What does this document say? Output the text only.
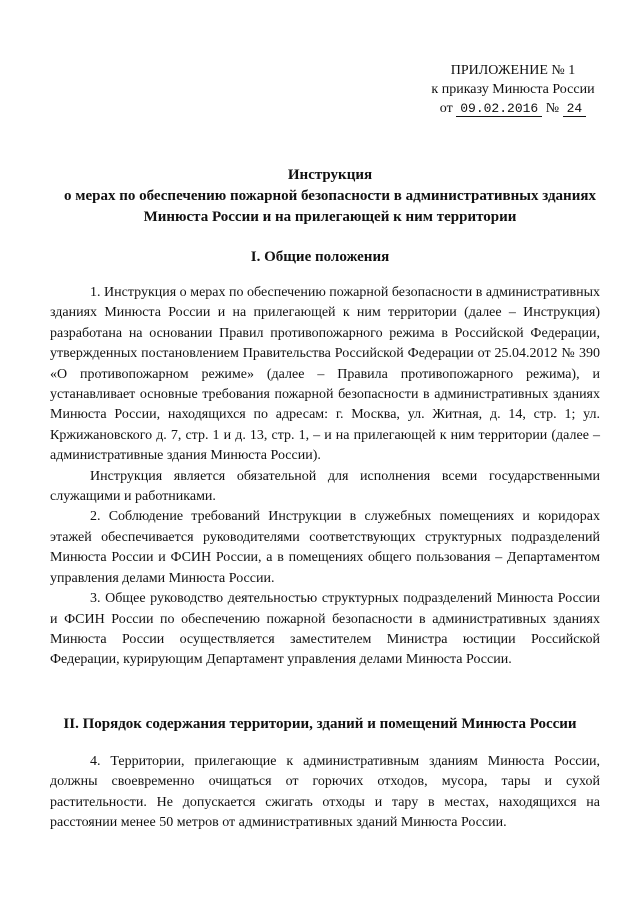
ПРИЛОЖЕНИЕ № 1
к приказу Минюста России
от 09.02.2016 № 24
Инструкция
о мерах по обеспечению пожарной безопасности в административных зданиях
Минюста России и на прилегающей к ним территории
I. Общие положения

1. Инструкция о мерах по обеспечению пожарной безопасности в административных зданиях Минюста России и на прилегающей к ним территории (далее – Инструкция) разработана на основании Правил противопожарного режима в Российской Федерации, утвержденных постановлением Правительства Российской Федерации от 25.04.2012 № 390 «О противопожарном режиме» (далее – Правила противопожарного режима), и устанавливает основные требования пожарной безопасности в административных зданиях Минюста России, находящихся по адресам: г. Москва, ул. Житная, д. 14, стр. 1; ул. Кржижановского д. 7, стр. 1 и д. 13, стр. 1, – и на прилегающей к ним территории (далее – административные здания Минюста России).

Инструкция является обязательной для исполнения всеми государственными служащими и работниками.

2. Соблюдение требований Инструкции в служебных помещениях и коридорах этажей обеспечивается руководителями соответствующих структурных подразделений Минюста России и ФСИН России, а в помещениях общего пользования – Департаментом управления делами Минюста России.

3. Общее руководство деятельностью структурных подразделений Минюста России и ФСИН России по обеспечению пожарной безопасности в административных зданиях Минюста России осуществляется заместителем Министра юстиции Российской Федерации, курирующим Департамент управления делами Минюста России.

II. Порядок содержания территории, зданий и помещений Минюста России

4. Территории, прилегающие к административным зданиям Минюста России, должны своевременно очищаться от горючих отходов, мусора, тары и сухой растительности. Не допускается сжигать отходы и тару в местах, находящихся на расстоянии менее 50 метров от административных зданий Минюста России.
